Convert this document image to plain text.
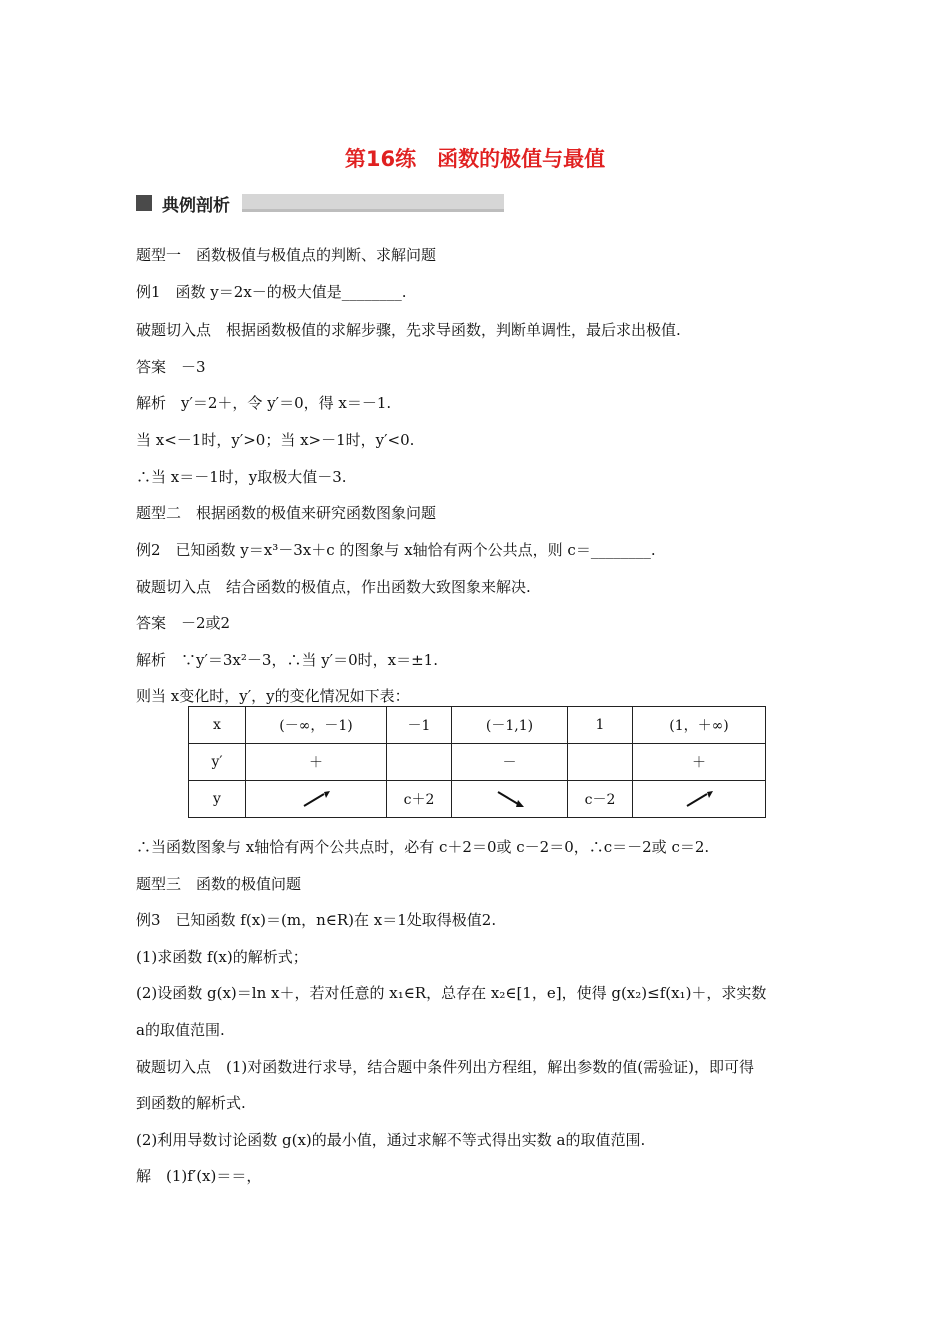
第16练　函数的极值与最值
典例剖析
题型一　函数极值与极值点的判断、求解问题
例1　函数 y＝2x－的极大值是________.
破题切入点　根据函数极值的求解步骤，先求导函数，判断单调性，最后求出极值.
答案　－3
解析　y′＝2＋，令 y′＝0，得 x＝－1.
当 x<－1时，y′>0；当 x>－1时，y′<0.
∴当 x＝－1时，y取极大值－3.
题型二　根据函数的极值来研究函数图象问题
例2　已知函数 y＝x³－3x＋c 的图象与 x轴恰有两个公共点，则 c＝________.
破题切入点　结合函数的极值点，作出函数大致图象来解决.
答案　－2或2
解析　∵y′＝3x²－3，∴当 y′＝0时，x＝±1.
则当 x变化时，y′，y的变化情况如下表：
x	(－∞，－1)	－1	(－1,1)	1	(1，＋∞)
y′	＋		－		＋
y		c＋2		c－2	
∴当函数图象与 x轴恰有两个公共点时，必有 c＋2＝0或 c－2＝0，∴c＝－2或 c＝2.
题型三　函数的极值问题
例3　已知函数 f(x)＝(m，n∈R)在 x＝1处取得极值2.
(1)求函数 f(x)的解析式；
(2)设函数 g(x)＝ln x＋，若对任意的 x₁∈R，总存在 x₂∈[1，e]，使得 g(x₂)≤f(x₁)＋，求实数
a的取值范围.
破题切入点　(1)对函数进行求导，结合题中条件列出方程组，解出参数的值(需验证)，即可得
到函数的解析式.
(2)利用导数讨论函数 g(x)的最小值，通过求解不等式得出实数 a的取值范围.
解　(1)f′(x)＝＝，
